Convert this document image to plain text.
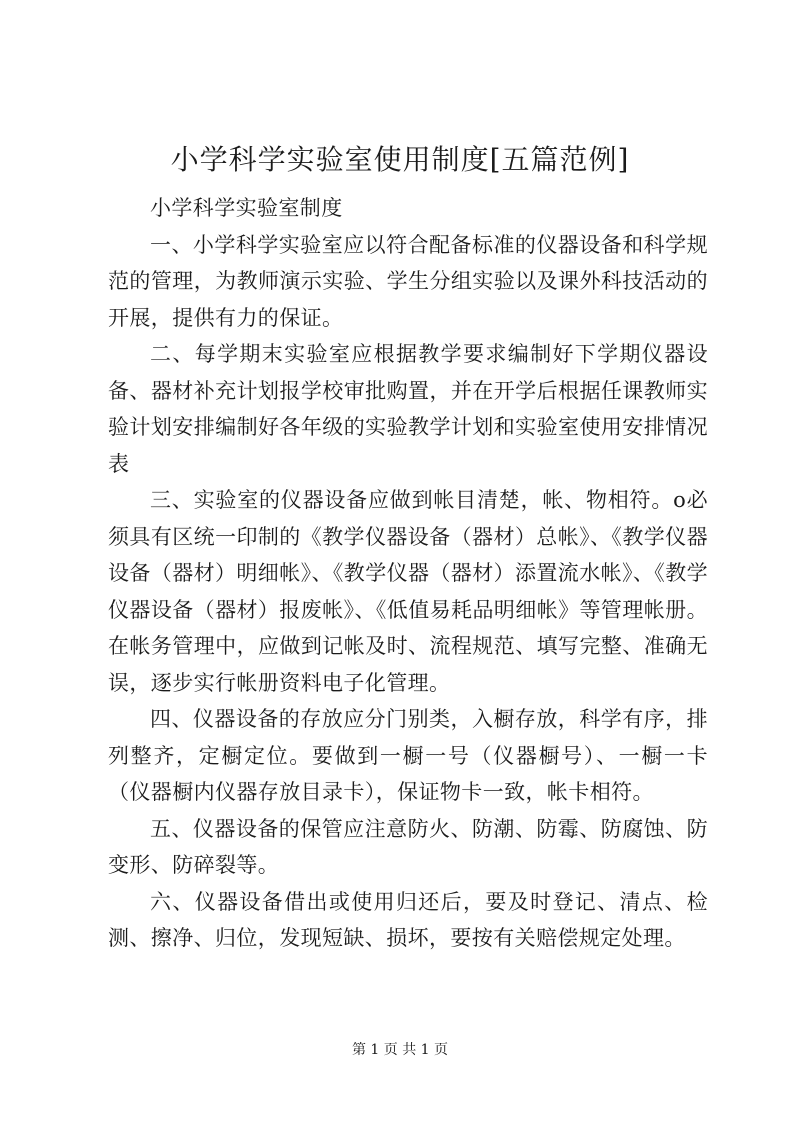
小学科学实验室使用制度[五篇范例]

小学科学实验室制度

一、小学科学实验室应以符合配备标准的仪器设备和科学规范的管理，为教师演示实验、学生分组实验以及课外科技活动的开展，提供有力的保证。

二、每学期末实验室应根据教学要求编制好下学期仪器设备、器材补充计划报学校审批购置，并在开学后根据任课教师实验计划安排编制好各年级的实验教学计划和实验室使用安排情况表

三、实验室的仪器设备应做到帐目清楚，帐、物相符。o必须具有区统一印制的《教学仪器设备（器材）总帐》、《教学仪器设备（器材）明细帐》、《教学仪器（器材）添置流水帐》、《教学仪器设备（器材）报废帐》、《低值易耗品明细帐》等管理帐册。在帐务管理中，应做到记帐及时、流程规范、填写完整、准确无误，逐步实行帐册资料电子化管理。

四、仪器设备的存放应分门别类，入橱存放，科学有序，排列整齐，定橱定位。要做到一橱一号（仪器橱号）、一橱一卡（仪器橱内仪器存放目录卡），保证物卡一致，帐卡相符。

五、仪器设备的保管应注意防火、防潮、防霉、防腐蚀、防变形、防碎裂等。

六、仪器设备借出或使用归还后，要及时登记、清点、检测、擦净、归位，发现短缺、损坏，要按有关赔偿规定处理。

第 1 页 共 1 页
